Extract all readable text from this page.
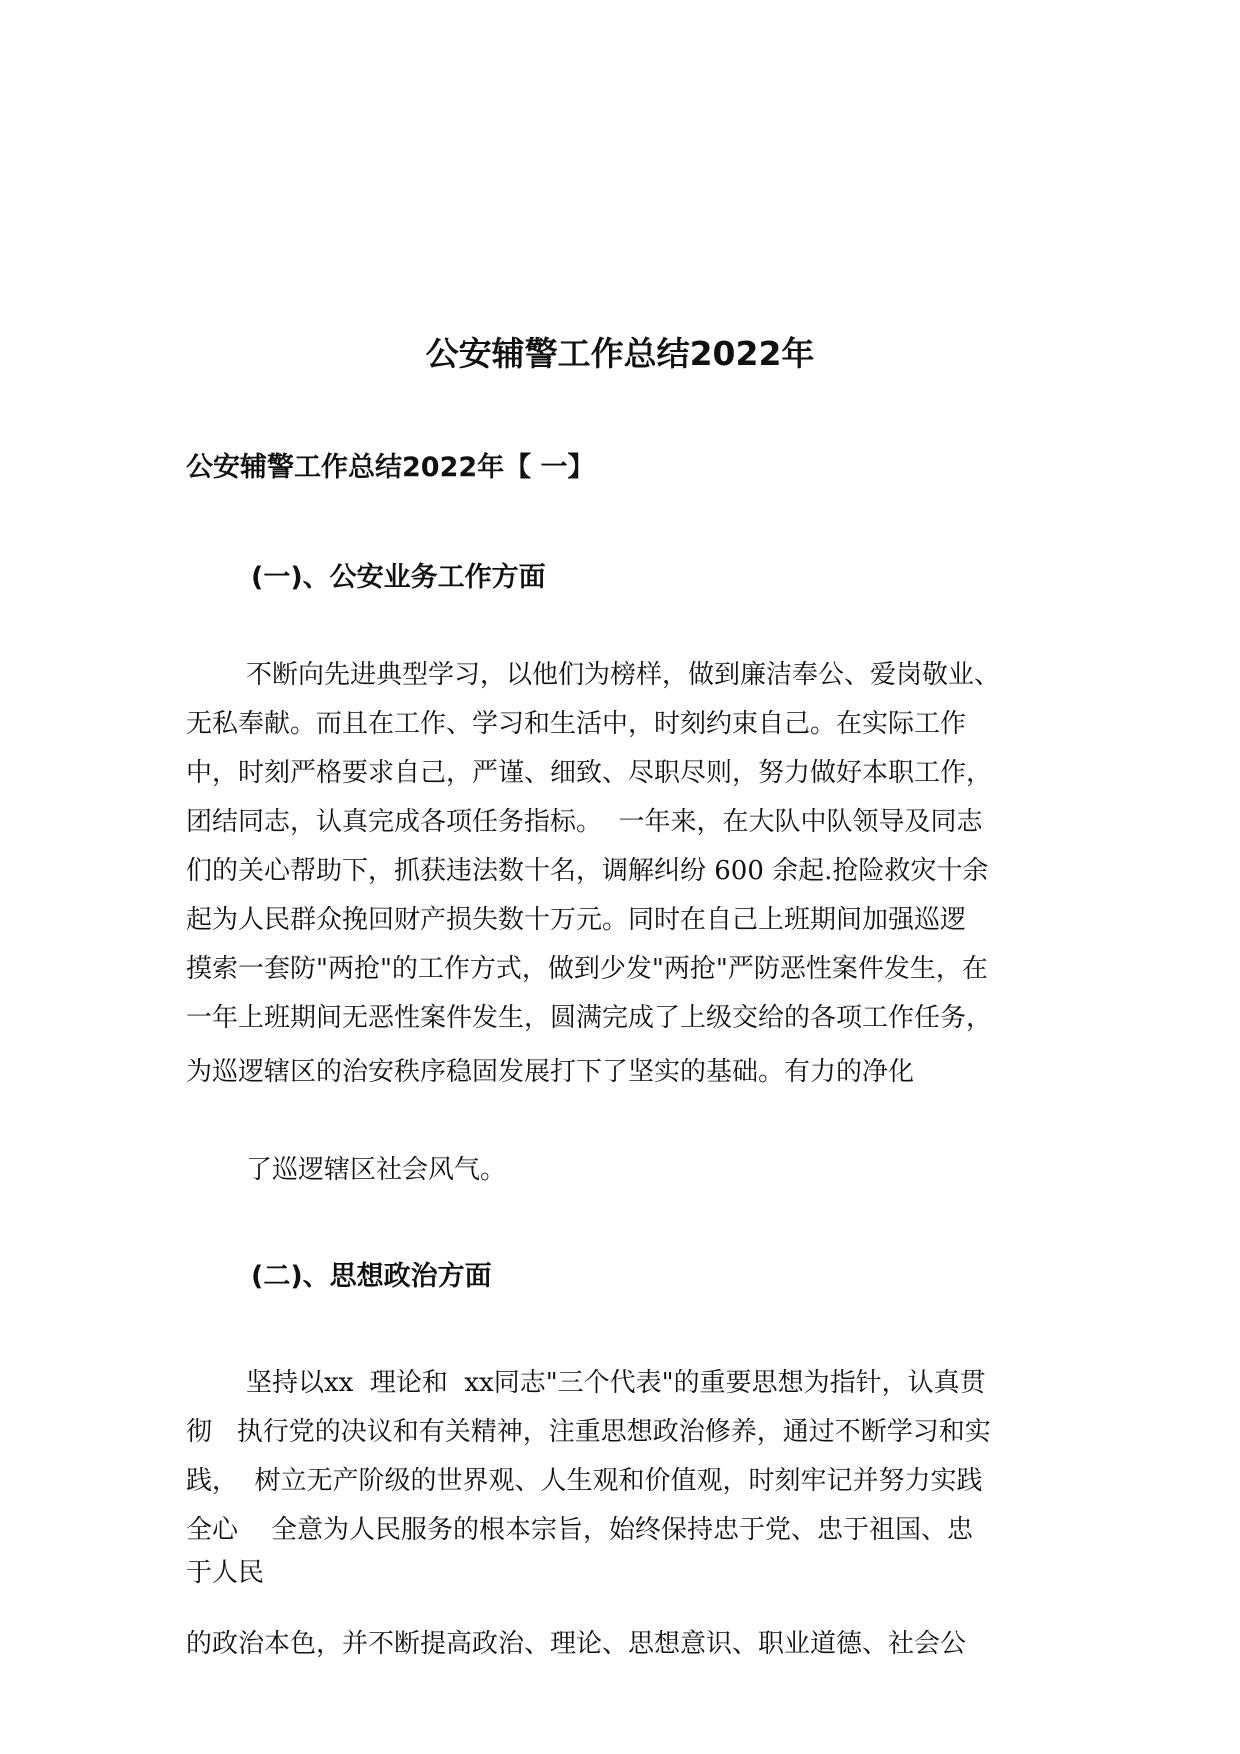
公安辅警工作总结2022年
公安辅警工作总结2022年【 一】
(一)、公安业务工作方面
不断向先进典型学习，以他们为榜样，做到廉洁奉公、爱岗敬业、
无私奉献。而且在工作、学习和生活中，时刻约束自己。在实际工作
中，时刻严格要求自己，严谨、细致、尽职尽则，努力做好本职工作，
团结同志，认真完成各项任务指标。  一年来，在大队中队领导及同志
们的关心帮助下，抓获违法数十名，调解纠纷 600 余起.抢险救灾十余
起为人民群众挽回财产损失数十万元。同时在自己上班期间加强巡逻
摸索一套防"两抢"的工作方式，做到少发"两抢"严防恶性案件发生，在
一年上班期间无恶性案件发生，圆满完成了上级交给的各项工作任务，
为巡逻辖区的治安秩序稳固发展打下了坚实的基础。有力的净化
了巡逻辖区社会风气。
(二)、思想政治方面
坚持以xx  理论和  xx同志"三个代表"的重要思想为指针，认真贯
彻   执行党的决议和有关精神，注重思想政治修养，通过不断学习和实
践，  树立无产阶级的世界观、人生观和价值观，时刻牢记并努力实践
全心    全意为人民服务的根本宗旨，始终保持忠于党、忠于祖国、忠
于人民
的政治本色，并不断提高政治、理论、思想意识、职业道德、社会公
